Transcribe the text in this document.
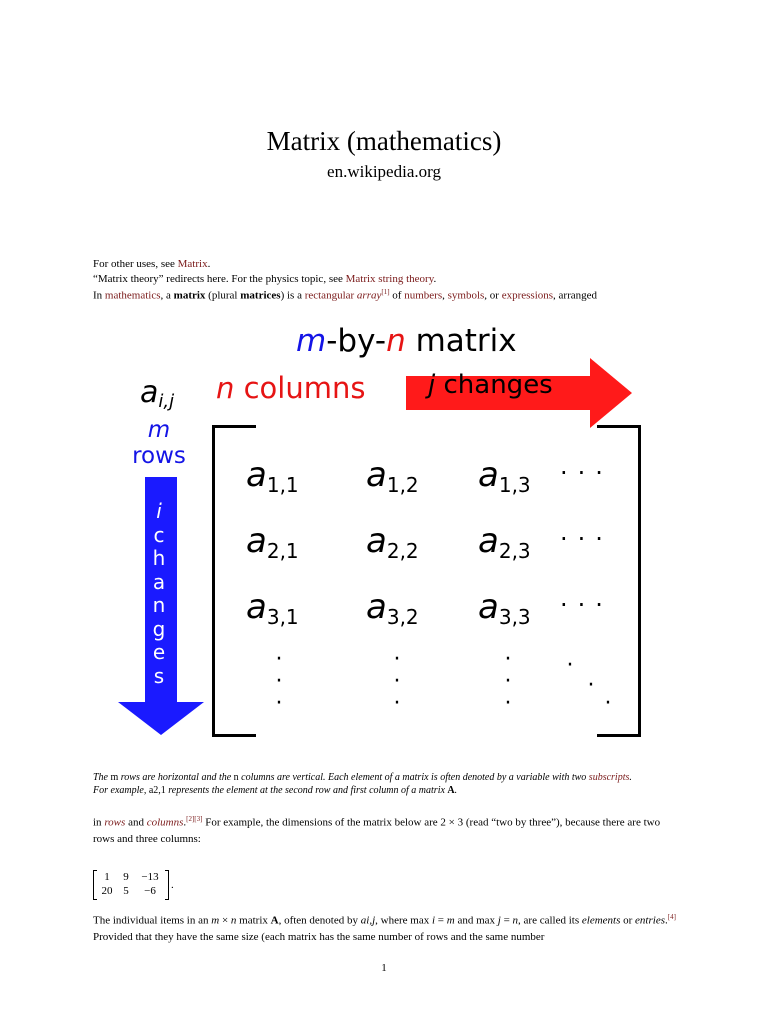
Matrix (mathematics)
en.wikipedia.org
For other uses, see Matrix.
“Matrix theory” redirects here. For the physics topic, see Matrix string theory.
In mathematics, a matrix (plural matrices) is a rectangular array[1] of numbers, symbols, or expressions, arranged
m-by-n matrix
$a_{i,j}$ n columns j changes
m
rows
i
c
h
a
n
g
e
s
$a_{1,1}$ $a_{1,2}$ $a_{1,3}$ ···
$a_{2,1}$ $a_{2,2}$ $a_{2,3}$ ···
$a_{3,1}$ $a_{3,2}$ $a_{3,3}$ ···
·
·
·
·
·
·
·
·
·
·
·
·
The m rows are horizontal and the n columns are vertical. Each element of a matrix is often denoted by a variable with two subscripts.
For example, a2,1 represents the element at the second row and first column of a matrix A.
in rows and columns.[2][3] For example, the dimensions of the matrix below are 2 × 3 (read “two by three”), because there are two rows and three columns:
1	9	−13
20 5	−6	.
The individual items in an m × n matrix A, often denoted by ai,j, where max i = m and max j = n, are called its elements or entries.[4] Provided that they have the same size (each matrix has the same number of rows and the same number
1
